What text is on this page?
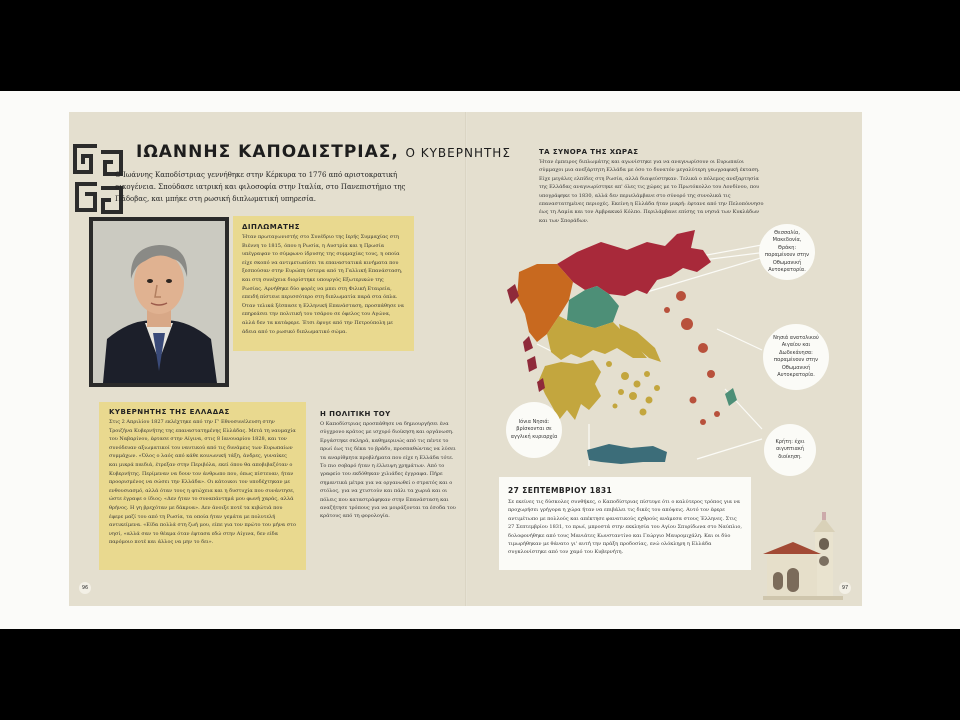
ΙΩΑΝΝΗΣ ΚΑΠΟΔΙΣΤΡΙΑΣ, Ο ΚΥΒΕΡΝΗΤΗΣ
Ο Ιωάννης Καποδίστριας γεννήθηκε στην Κέρκυρα το 1776 από αριστοκρατική οικογένεια. Σπούδασε ιατρική και φιλοσοφία στην Ιταλία, στο Πανεπιστήμιο της Πάδοβας, και μπήκε στη ρωσική διπλωματική υπηρεσία.
ΔΙΠΛΩΜΑΤΗΣ
Ήταν πρωταγωνιστής στο Συνέδριο της Ιερής Συμμαχίας στη Βιέννη το 1815, όπου η Ρωσία, η Αυστρία και η Πρωσία υπέγραψαν το σύμφωνο ίδρυσης της συμμαχίας τους, η οποία είχε σκοπό να αντιμετωπίσει τα επαναστατικά κινήματα που ξεσπούσαν στην Ευρώπη ύστερα από τη Γαλλική Επανάσταση, και στη συνέχεια διορίστηκε υπουργός Εξωτερικών της Ρωσίας. Αρνήθηκε δύο φορές να μπει στη Φιλική Εταιρεία, επειδή πίστευε περισσότερο στη διπλωματία παρά στα όπλα. Όταν τελικά ξέσπασε η Ελληνική Επανάσταση, προσπάθησε να επηρεάσει την πολιτική του τσάρου σε όφελος του Αγώνα, αλλά δεν τα κατάφερε. Έτσι έφυγε από την Πετρούπολη με άδεια από το ρωσικό διπλωματικό σώμα.
ΚΥΒΕΡΝΗΤΗΣ ΤΗΣ ΕΛΛΑΔΑΣ
Στις 2 Απριλίου 1827 εκλέχτηκε από την Γ' Εθνοσυνέλευση στην Τροιζήνα Κυβερνήτης της επαναστατημένης Ελλάδας. Μετά τη ναυμαχία του Ναβαρίνου, έφτασε στην Αίγινα, στις 8 Ιανουαρίου 1828, και τον συνόδευαν αξιωματικοί του ναυτικού από τις δυνάμεις των Ευρωπαίων συμμάχων. «Όλος ο λαός από κάθε κοινωνική τάξη, άνδρες, γυναίκες και μικρά παιδιά, έτρεξαν στην Περιβόλα, εκεί όπου θα αποβιβαζόταν ο Κυβερνήτης. Περίμεναν να δουν τον άνθρωπο που, όπως πίστευαν, ήταν προορισμένος να σώσει την Ελλάδα». Οι κάτοικοι τον υποδέχτηκαν με ενθουσιασμό, αλλά όταν τους η φτώχεια και η δυστυχία που συνάντησε, ώστε έγραψε ο ίδιος: «Δεν ήταν το συναπάντημά μου φωνή χαράς, αλλά θρήνος. Η γη βρεχόταν με δάκρυα». Δεν άνοιξε ποτέ τα κιβώτιά που έφερε μαζί του από τη Ρωσία, τα οποία ήταν γεμάτα με πολυτελή αντικείμενα. «Είδα πολλά στη ζωή μου, είπε για τον πρώτο του μήνα στο νησί, «αλλά σαν το θέαμα όταν έφτασα εδώ στην Αίγινα, δεν είδα παρόμοιο ποτέ και άλλος να μην το δει».
Η ΠΟΛΙΤΙΚΗ ΤΟΥ
Ο Καποδίστριας προσπάθησε να δημιουργήσει ένα σύγχρονο κράτος με ισχυρό διοίκηση και οργάνωση. Εργάστηκε σκληρά, καθημερινώς από τις πέντε το πρωί έως τις δέκα το βράδυ, προσπαθώντας να λύσει τα αναρίθμητα προβλήματα που είχε η Ελλάδα τότε. Το πιο σοβαρό ήταν η έλλειψη χρημάτων. Από το γραφείο του εκδόθηκαν χιλιάδες έγγραφα. Πήρε σημαντικά μέτρα για να οργανωθεί ο στρατός και ο στόλος, για να χτιστούν και πάλι τα χωριά και οι πόλεις που καταστράφηκαν στην Επανάσταση και αναζήτησε τρόπους για να μοιράζονται τα έσοδα του κράτους από τη φορολογία.
96
ΤΑ ΣΥΝΟΡΑ ΤΗΣ ΧΩΡΑΣ
Ήταν έμπειρος διπλωμάτης και αγωνίστηκε για να αναγνωρίσουν οι Ευρωπαίοι σύμμαχοι μια ανεξάρτητη Ελλάδα με όσο το δυνατόν μεγαλύτερη γεωγραφική έκταση. Είχε μεγάλες ελπίδες στη Ρωσία, αλλά διαψεύστηκαν. Τελικά ο πόλεμος ανεξαρτησία της Ελλάδας αναγνωρίστηκε απ' όλες τις χώρες με το Πρωτόκολλο του Λονδίνου, που υπογράφηκε το 1830, αλλά δεν περιελάμβανε στο σύνορό της συνολικά τις επαναστατημένες περιοχές. Εκείνη η Ελλάδα ήταν μικρή: έφτανε από την Πελοπόννησο έως τη Λαμία και τον Αμβρακικό Κόλπο. Περιλάμβανε επίσης τα νησιά των Κυκλάδων και των Σποράδων.
Θεσσαλία, Μακεδονία, Θράκη: παραμένουν στην Οθωμανική Αυτοκρατορία.
Νησιά ανατολικού Αιγαίου και Δωδεκάνησα: παραμένουν στην Οθωμανική Αυτοκρατορία.
Ιόνια Νησιά: βρίσκονται σε αγγλική κυριαρχία
Κρήτη: έχει αιγυπτιακή διοίκηση.
27 ΣΕΠΤΕΜΒΡΙΟΥ 1831
Σε εκείνες τις δύσκολες συνθήκες, ο Καποδίστριας πίστεψε ότι ο καλύτερος τρόπος για να προχωρήσει γρήγορα η χώρα ήταν να επιβάλει τις δικές του απόψεις. Αυτό τον έφερε αντιμέτωπο με πολλούς και απέκτησε φανατικούς εχθρούς ανάμεσα στους Έλληνες. Στις 27 Σεπτεμβρίου 1831, το πρωί, μπροστά στην εκκλησία του Αγίου Σπυρίδωνα στο Ναύπλιο, δολοφονήθηκε από τους Μανιάτες Κωνσταντίνο και Γεώργιο Μαυρομιχάλη. Και οι δύο τιμωρήθηκαν με θάνατο γι' αυτή την πράξη προδοσίας, ενώ ολόκληρη η Ελλάδα συγκλονίστηκε από τον χαμό του Κυβερνήτη.
97
